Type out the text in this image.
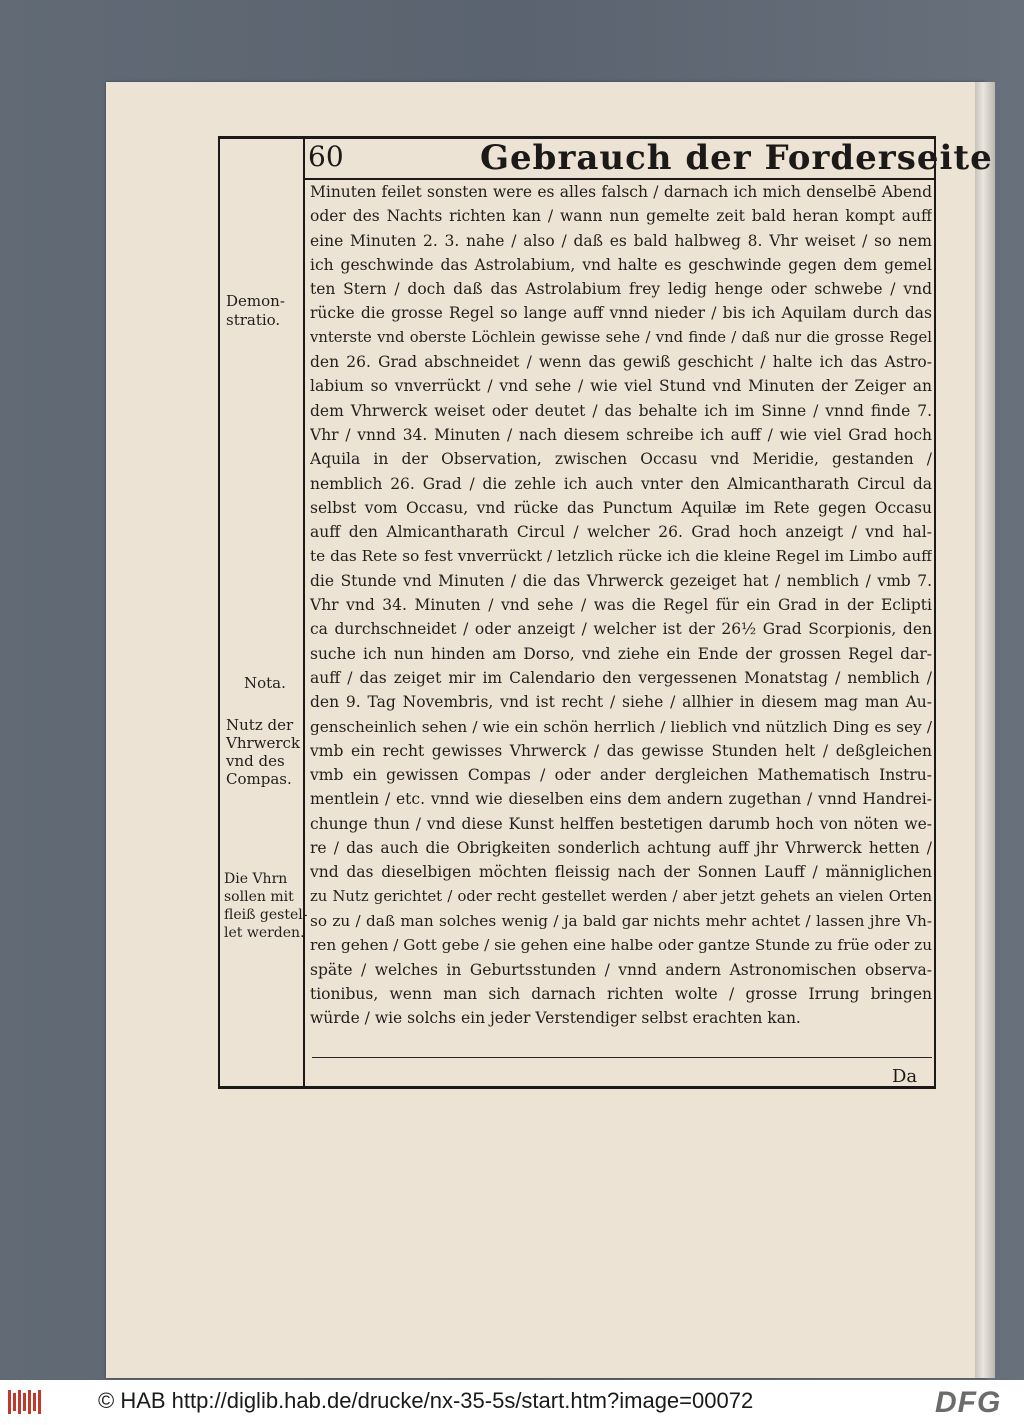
60	Gebrauch der Forderseite
Minuten feilet sonsten were es alles falsch / darnach ich mich denselbē Abend
oder des Nachts richten kan / wann nun gemelte zeit bald heran kompt auff
eine Minuten 2. 3. nahe / also / daß es bald halbweg 8. Vhr weiset / so nem
ich geschwinde das Astrolabium, vnd halte es geschwinde gegen dem gemel
ten Stern / doch daß das Astrolabium frey ledig henge oder schwebe / vnd
rücke die grosse Regel so lange auff vnnd nieder / bis ich Aquilam durch das
vnterste vnd oberste Löchlein gewisse sehe / vnd finde / daß nur die grosse Regel
den 26. Grad abschneidet / wenn das gewiß geschicht / halte ich das Astro-
labium so vnverrückt / vnd sehe / wie viel Stund vnd Minuten der Zeiger an
dem Vhrwerck weiset oder deutet / das behalte ich im Sinne / vnnd finde 7.
Vhr / vnnd 34. Minuten / nach diesem schreibe ich auff / wie viel Grad hoch
Aquila in der Observation, zwischen Occasu vnd Meridie, gestanden /
nemblich 26. Grad / die zehle ich auch vnter den Almicantharath Circul da
selbst vom Occasu, vnd rücke das Punctum Aquilæ im Rete gegen Occasu
auff den Almicantharath Circul / welcher 26. Grad hoch anzeigt / vnd hal-
te das Rete so fest vnverrückt / letzlich rücke ich die kleine Regel im Limbo auff
die Stunde vnd Minuten / die das Vhrwerck gezeiget hat / nemblich / vmb 7.
Vhr vnd 34. Minuten / vnd sehe / was die Regel für ein Grad in der Eclipti
ca durchschneidet / oder anzeigt / welcher ist der 26½ Grad Scorpionis, den
suche ich nun hinden am Dorso, vnd ziehe ein Ende der grossen Regel dar-
auff / das zeiget mir im Calendario den vergessenen Monatstag / nemblich /
den 9. Tag Novembris, vnd ist recht / siehe / allhier in diesem mag man Au-
genscheinlich sehen / wie ein schön herrlich / lieblich vnd nützlich Ding es sey /
vmb ein recht gewisses Vhrwerck / das gewisse Stunden helt / deßgleichen
vmb ein gewissen Compas / oder ander dergleichen Mathematisch Instru-
mentlein / etc. vnnd wie dieselben eins dem andern zugethan / vnnd Handrei-
chunge thun / vnd diese Kunst helffen bestetigen darumb hoch von nöten we-
re / das auch die Obrigkeiten sonderlich achtung auff jhr Vhrwerck hetten /
vnd das dieselbigen möchten fleissig nach der Sonnen Lauff / männiglichen
zu Nutz gerichtet / oder recht gestellet werden / aber jetzt gehets an vielen Orten
so zu / daß man solches wenig / ja bald gar nichts mehr achtet / lassen jhre Vh-
ren gehen / Gott gebe / sie gehen eine halbe oder gantze Stunde zu früe oder zu
späte / welches in Geburtsstunden / vnnd andern Astronomischen observa-
tionibus, wenn man sich darnach richten wolte / grosse Irrung bringen
würde / wie solchs ein jeder Verstendiger selbst erachten kan.
Demon-
stratio.
Nota.
Nutz der
Vhrwerck
vnd des
Compas.
Die Vhrn
sollen mit
fleiß gestel-
let werden.
Da
© HAB http://diglib.hab.de/drucke/nx-35-5s/start.htm?image=00072	DFG
